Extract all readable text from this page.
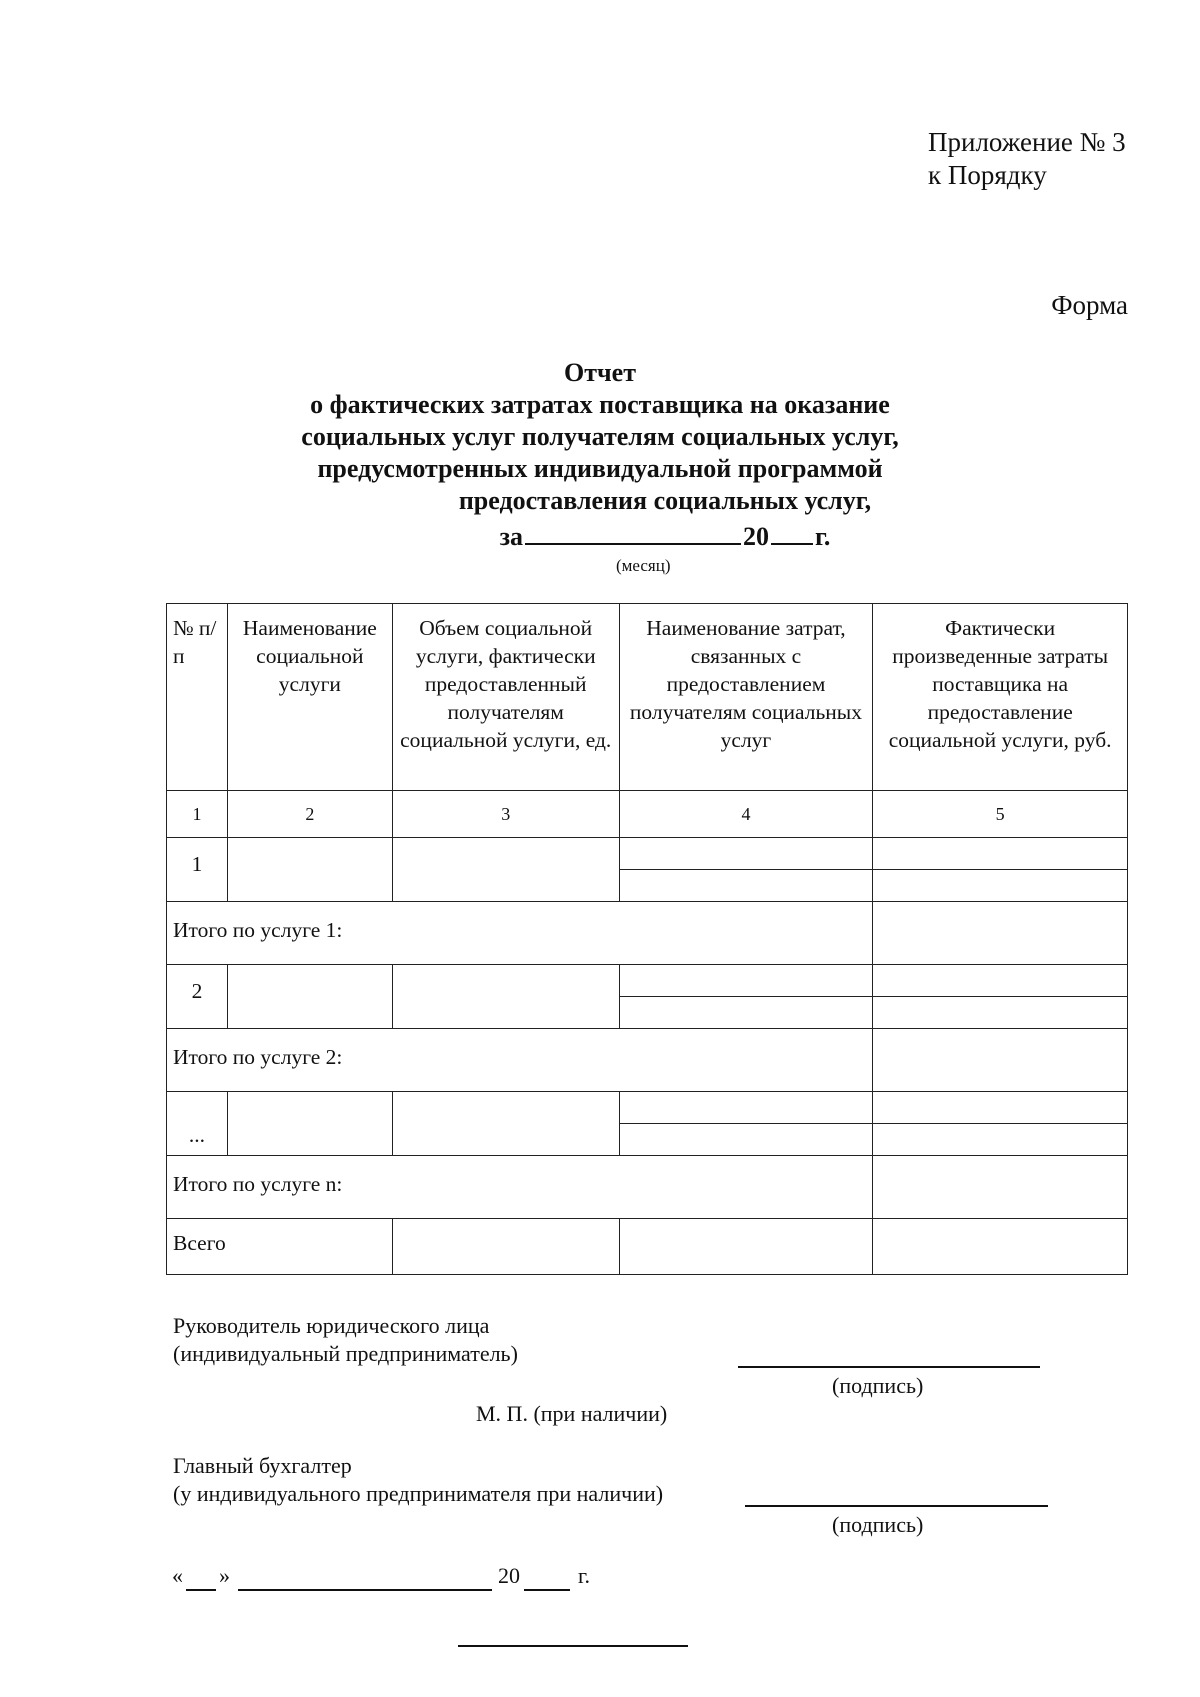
Приложение № 3
к Порядку
Форма
Отчет
о фактических затратах поставщика на оказание
социальных услуг получателям социальных услуг,
предусмотренных индивидуальной программой
предоставления социальных услуг,
за	20 г.
(месяц)
№ п/п	Наименование социальной услуги	Объем социальной услуги, фактически предоставленный получателям социальной услуги, ед.	Наименование затрат, связанных с предоставлением получателям социальных услуг	Фактически произведенные затраты поставщика на предоставление социальной услуги, руб.
1	2	3	4	5
1				

Итого по услуге 1:				
2				

Итого по услуге 2:				
...				

Итого по услуге n:				
Всего				
Руководитель юридического лица
(индивидуальный предприниматель)
(подпись)
М. П. (при наличии)
Главный бухгалтер
(у индивидуального предпринимателя при наличии)
(подпись)
« »	20	г.
